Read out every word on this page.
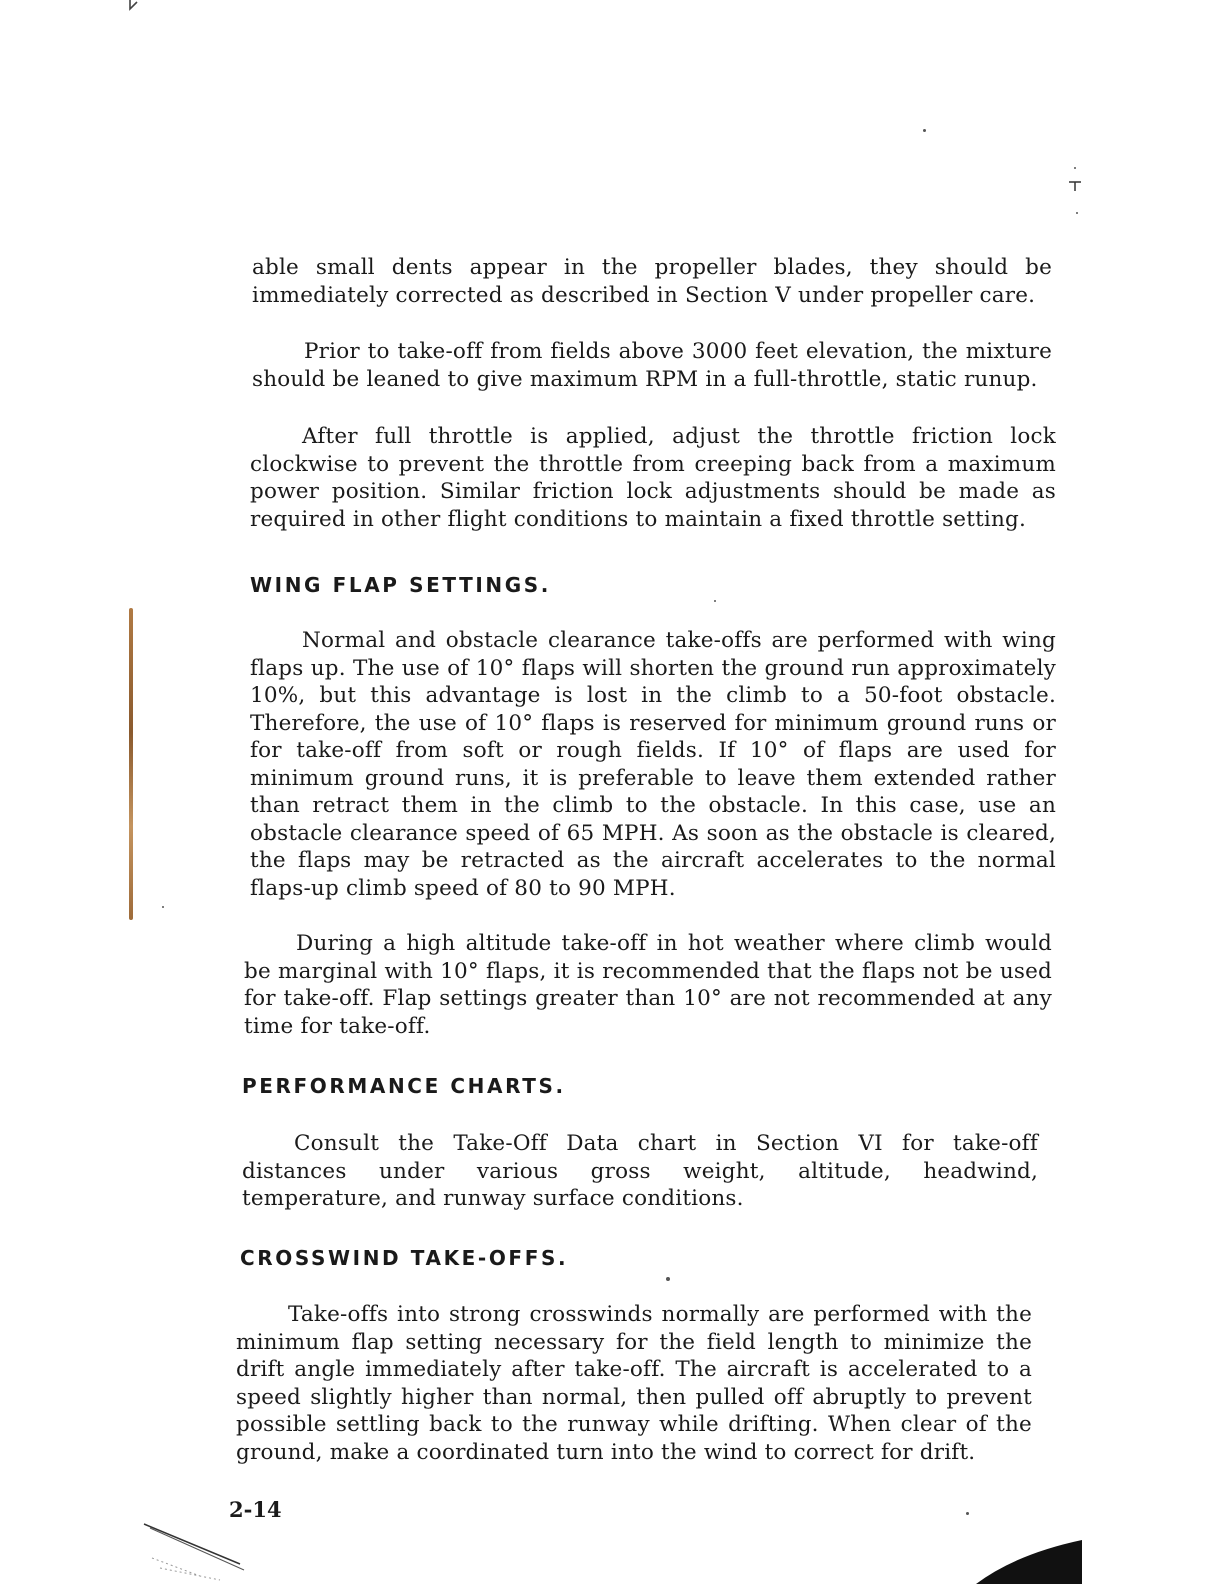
able small dents appear in the propeller blades, they should be immediately corrected as described in Section V under propeller care.

Prior to take-off from fields above 3000 feet elevation, the mixture should be leaned to give maximum RPM in a full-throttle, static runup.

After full throttle is applied, adjust the throttle friction lock clockwise to prevent the throttle from creeping back from a maximum power position. Similar friction lock adjustments should be made as required in other flight conditions to maintain a fixed throttle setting.

Normal and obstacle clearance take-offs are performed with wing flaps up. The use of 10° flaps will shorten the ground run approximately 10%, but this advantage is lost in the climb to a 50-foot obstacle. Therefore, the use of 10° flaps is reserved for minimum ground runs or for take-off from soft or rough fields. If 10° of flaps are used for minimum ground runs, it is preferable to leave them extended rather than retract them in the climb to the obstacle. In this case, use an obstacle clearance speed of 65 MPH. As soon as the obstacle is cleared, the flaps may be retracted as the aircraft accelerates to the normal flaps-up climb speed of 80 to 90 MPH.

During a high altitude take-off in hot weather where climb would be marginal with 10° flaps, it is recommended that the flaps not be used for take-off. Flap settings greater than 10° are not recommended at any time for take-off.

Consult the Take-Off Data chart in Section VI for take-off distances under various gross weight, altitude, headwind, temperature, and runway surface conditions.

Take-offs into strong crosswinds normally are performed with the minimum flap setting necessary for the field length to minimize the drift angle immediately after take-off. The aircraft is accelerated to a speed slightly higher than normal, then pulled off abruptly to prevent possible settling back to the runway while drifting. When clear of the ground, make a coordinated turn into the wind to correct for drift.

WING FLAP SETTINGS.
PERFORMANCE CHARTS.
CROSSWIND TAKE-OFFS.
2-14
